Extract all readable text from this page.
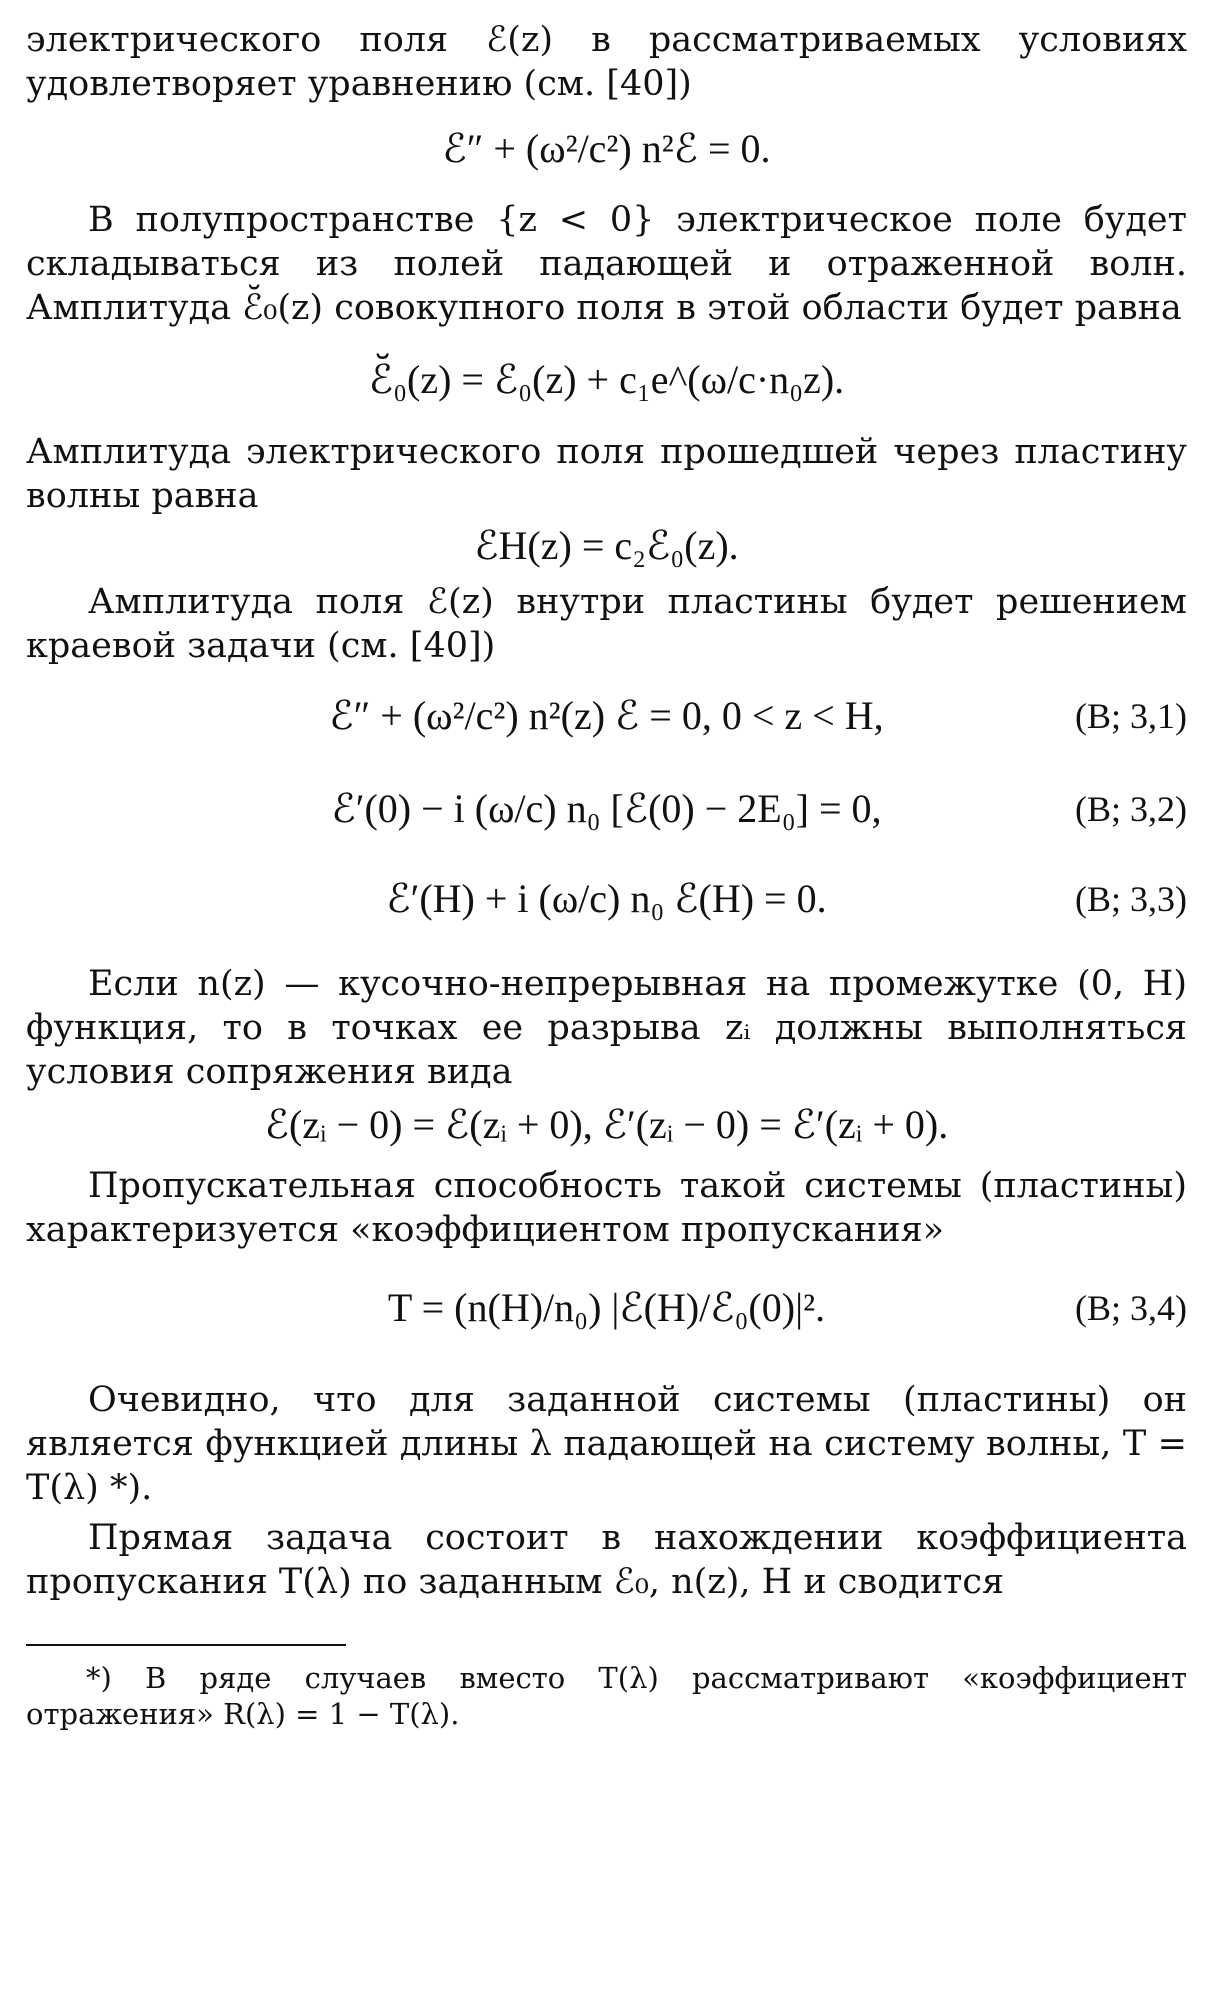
электрического поля ℰ(z) в рассматриваемых условиях удовлетворяет уравнению (см. [40])

ℰ″ + (ω²/c²) n²ℰ = 0.

В полупространстве {z < 0} электрическое поле будет складываться из полей падающей и отраженной волн. Амплитуда ℰ̆₀(z) совокупного поля в этой области будет равна

ℰ̆₀(z) = ℰ₀(z) + c₁e^(ω/c·n₀z).

Амплитуда электрического поля прошедшей через пластину волны равна

ℰH(z) = c₂ℰ₀(z).

Амплитуда поля ℰ(z) внутри пластины будет решением краевой задачи (см. [40])

ℰ″ + (ω²/c²) n²(z) ℰ = 0, 0 < z < H,	(В; 3,1)
ℰ′(0) − i (ω/c) n₀ [ℰ(0) − 2E₀] = 0,	(В; 3,2)
ℰ′(H) + i (ω/c) n₀ ℰ(H) = 0.	(В; 3,3)

Если n(z) — кусочно-непрерывная на промежутке (0, H) функция, то в точках ее разрыва zᵢ должны выполняться условия сопряжения вида

ℰ(zᵢ − 0) = ℰ(zᵢ + 0), ℰ′(zᵢ − 0) = ℰ′(zᵢ + 0).

Пропускательная способность такой системы (пластины) характеризуется «коэффициентом пропускания»

T = (n(H)/n₀) |ℰ(H)/ℰ₀(0)|².	(В; 3,4)

Очевидно, что для заданной системы (пластины) он является функцией длины λ падающей на систему волны, T = T(λ) *).

Прямая задача состоит в нахождении коэффициента пропускания T(λ) по заданным ℰ₀, n(z), H и сводится

*) В ряде случаев вместо T(λ) рассматривают «коэффициент отражения» R(λ) = 1 − T(λ).
